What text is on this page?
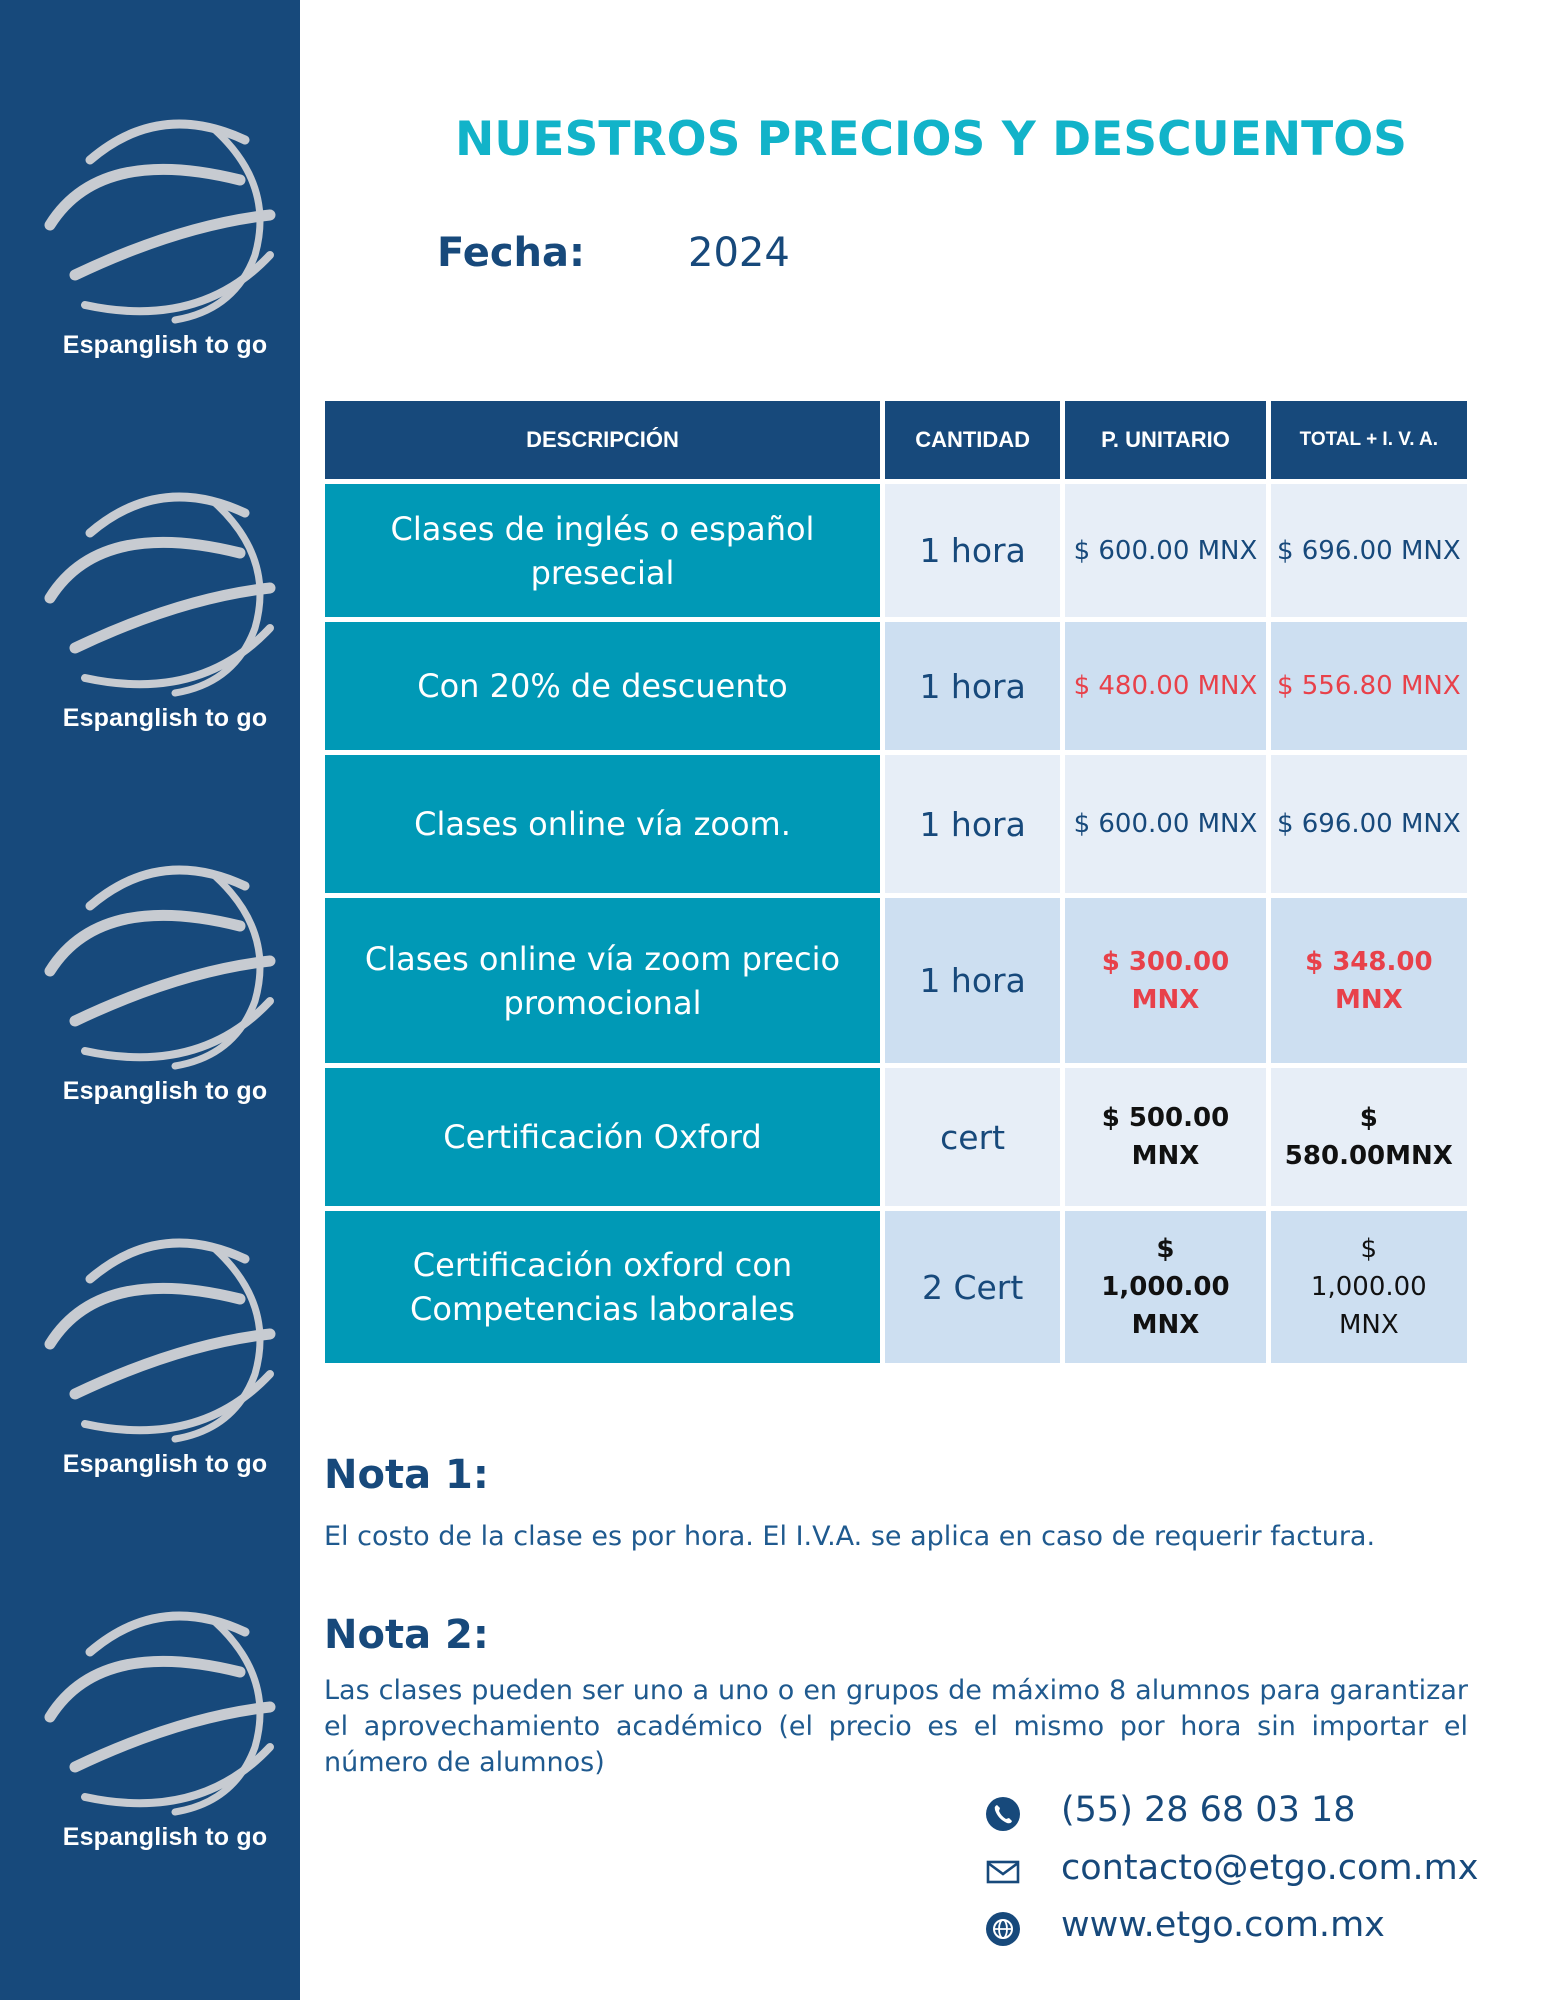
Espanglish to go
Espanglish to go
Espanglish to go
Espanglish to go
Espanglish to go
NUESTROS PRECIOS Y DESCUENTOS
Fecha:	2024
DESCRIPCIÓN	CANTIDAD	P. UNITARIO	TOTAL + I. V. A.
Clases de inglés o español presecial	1 hora	$ 600.00 MNX	$ 696.00 MNX
Con 20% de descuento	1 hora	$ 480.00 MNX	$ 556.80 MNX
Clases online vía zoom.	1 hora	$ 600.00 MNX	$ 696.00 MNX
Clases online vía zoom precio promocional	1 hora	$ 300.00 MNX	$ 348.00 MNX
Certificación Oxford	cert	$ 500.00 MNX	$ 580.00MNX
Certificación oxford con Competencias laborales	2 Cert	$ 1,000.00 MNX	$ 1,000.00 MNX
Nota 1:
El costo de la clase es por hora. El I.V.A. se aplica en caso de requerir factura.
Nota 2:
Las clases pueden ser uno a uno o en grupos de máximo 8 alumnos para garantizar el aprovechamiento académico (el precio es el mismo por hora sin importar el número de alumnos)
(55) 28 68 03 18
contacto@etgo.com.mx
www.etgo.com.mx
